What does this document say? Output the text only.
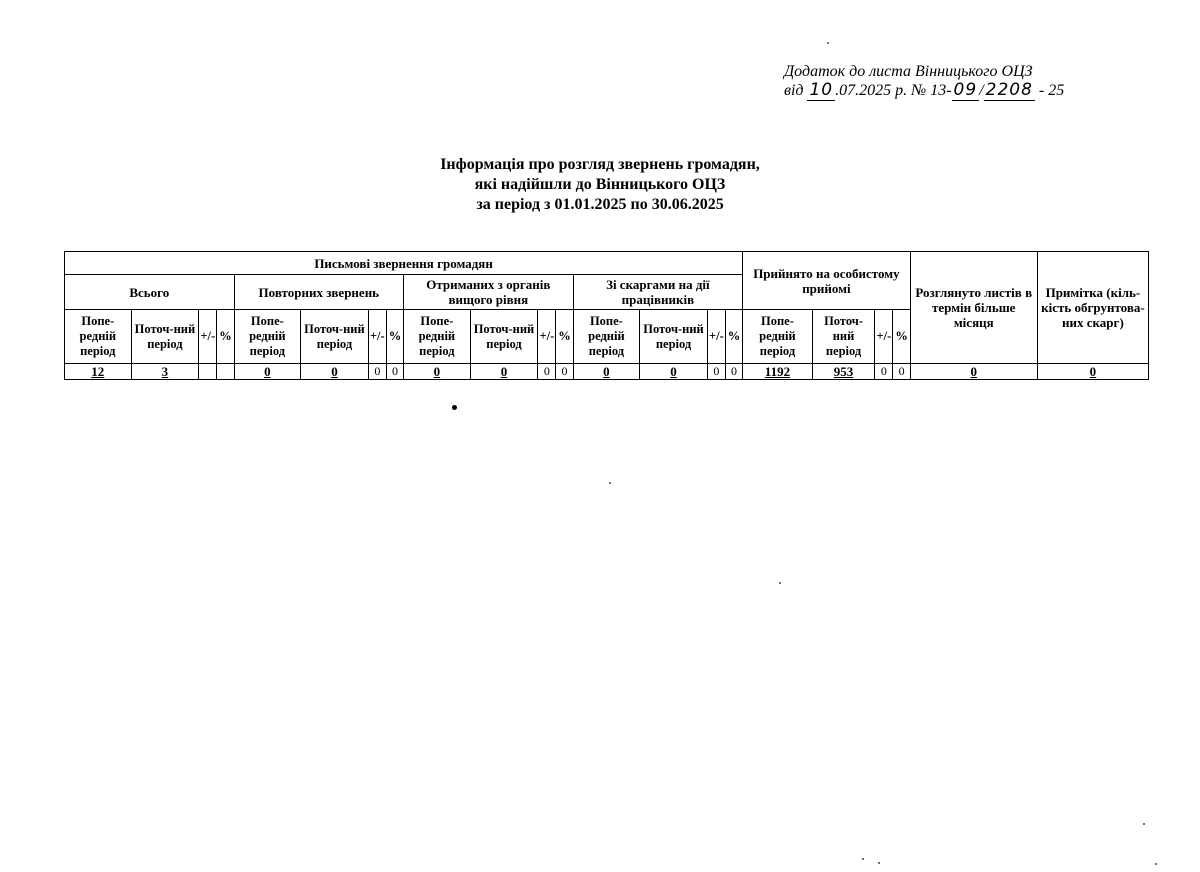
Додаток до листа Вінницького ОЦЗ
від 10 .07.2025 р. № 13- 09 / 2208 - 25
Інформація про розгляд звернень громадян,
які надійшли до Вінницького ОЦЗ
за період з 01.01.2025 по 30.06.2025
Письмові звернення громадян																Прийнято на особистому прийомі				Розглянуто листів в термін більше місяця	Примітка (кіль-кість обгрунтова-них скарг)
Всього				Повторних звернень				Отриманих з органів вищого рівня				Зі скаргами на дії працівників									
Попе-редній період	Поточ-ний період	+/-	%	Попе-редній період	Поточ-ний період	+/-	%	Попе-редній період	Поточ-ний період	+/-	%	Попе-редній період	Поточ-ний період	+/-	%	Попе-редній період	Поточ-ний період	+/-	%		
12	3			0	0	0	0	0	0	0	0	0	0	0	0	1192	953	0	0	0	0
